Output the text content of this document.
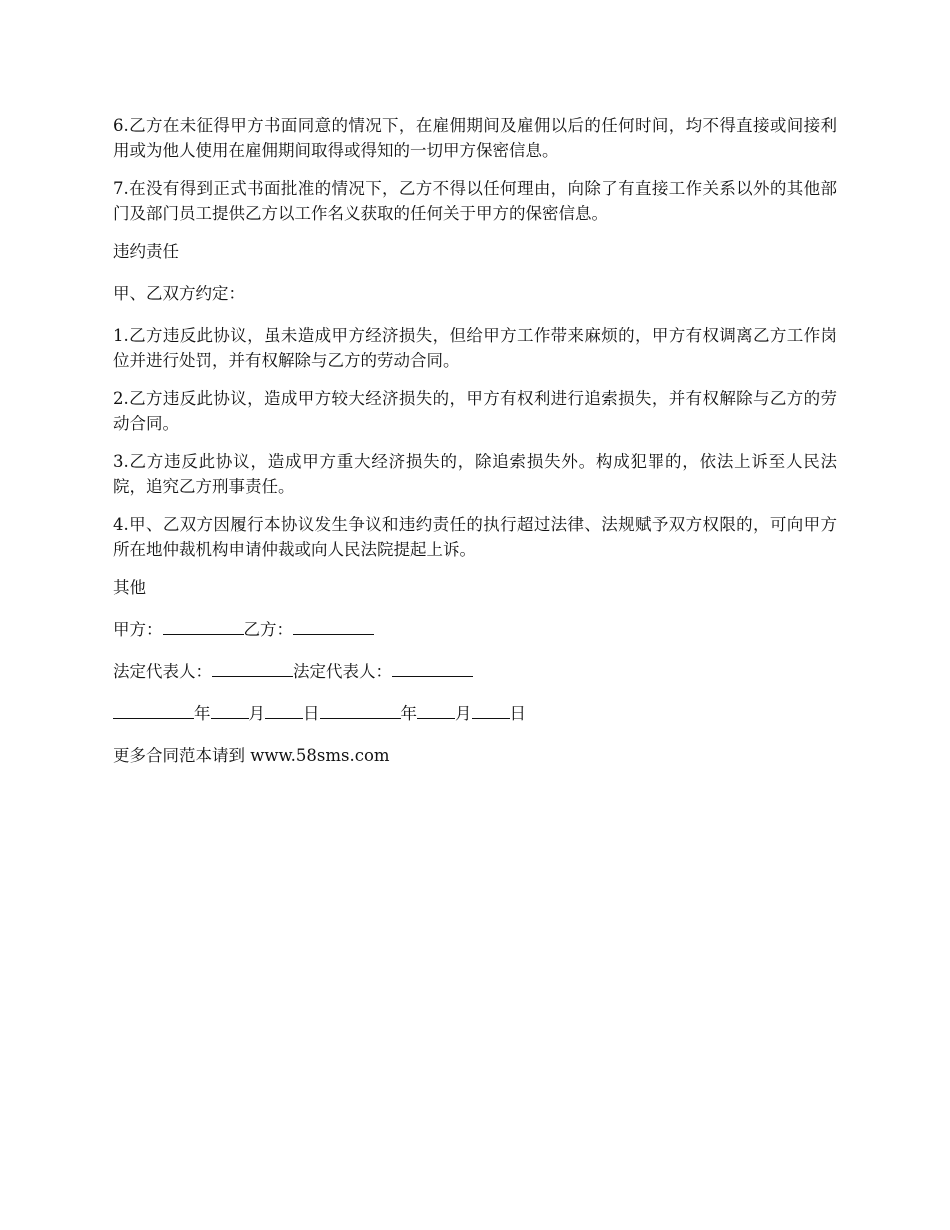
6.乙方在未征得甲方书面同意的情况下，在雇佣期间及雇佣以后的任何时间，均不得直接或间接利用或为他人使用在雇佣期间取得或得知的一切甲方保密信息。

7.在没有得到正式书面批准的情况下，乙方不得以任何理由，向除了有直接工作关系以外的其他部门及部门员工提供乙方以工作名义获取的任何关于甲方的保密信息。

违约责任

甲、乙双方约定：

1.乙方违反此协议，虽未造成甲方经济损失，但给甲方工作带来麻烦的，甲方有权调离乙方工作岗位并进行处罚，并有权解除与乙方的劳动合同。

2.乙方违反此协议，造成甲方较大经济损失的，甲方有权利进行追索损失，并有权解除与乙方的劳动合同。

3.乙方违反此协议，造成甲方重大经济损失的，除追索损失外。构成犯罪的，依法上诉至人民法院，追究乙方刑事责任。

4.甲、乙双方因履行本协议发生争议和违约责任的执行超过法律、法规赋予双方权限的，可向甲方所在地仲裁机构申请仲裁或向人民法院提起上诉。

其他

甲方：	乙方：

法定代表人：	法定代表人：

年 月 日	年 月 日

更多合同范本请到 www.58sms.com
